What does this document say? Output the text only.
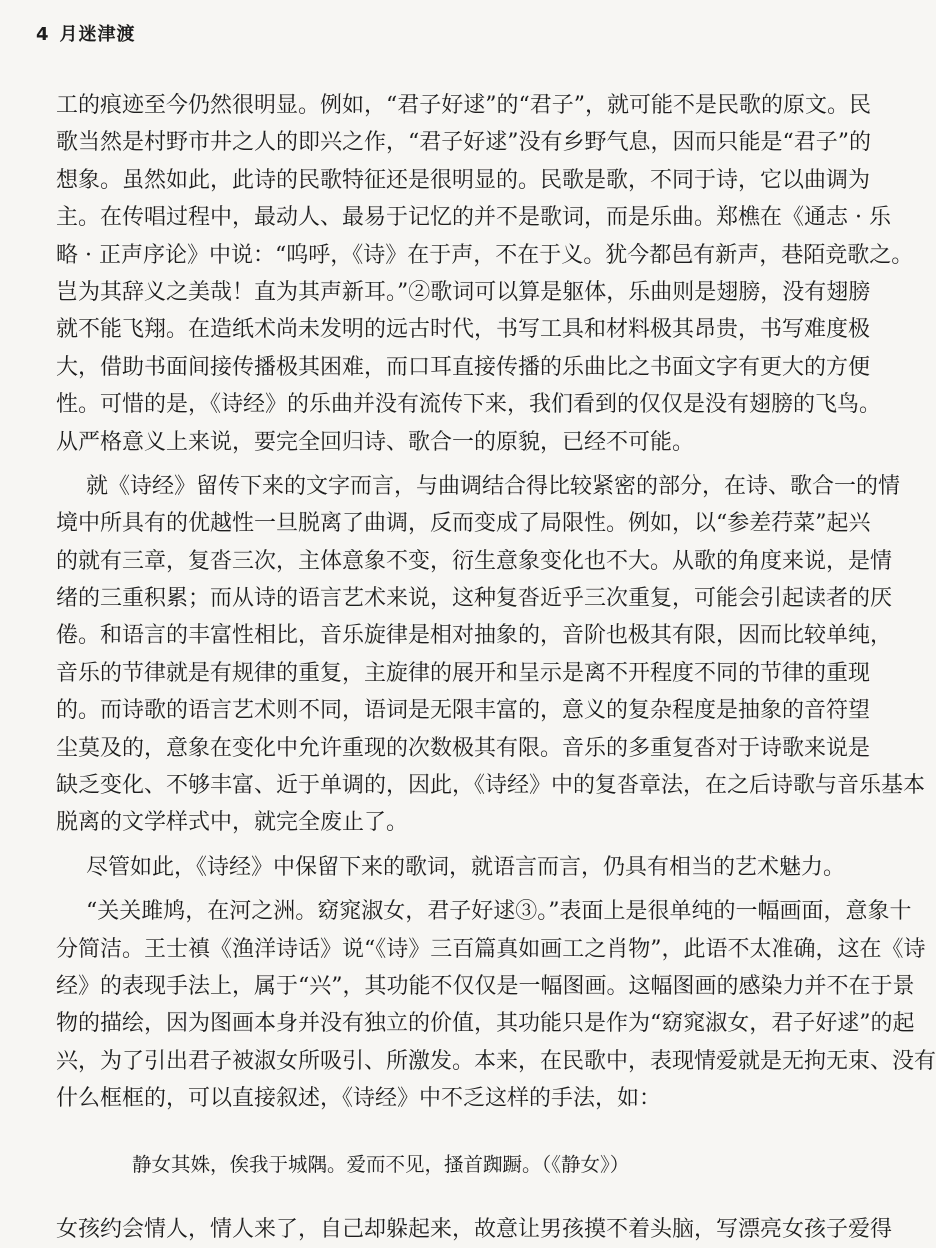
4 月迷津渡
工的痕迹至今仍然很明显。例如，“君子好逑”的“君子”，就可能不是民歌的原文。民
歌当然是村野市井之人的即兴之作，“君子好逑”没有乡野气息，因而只能是“君子”的
想象。虽然如此，此诗的民歌特征还是很明显的。民歌是歌，不同于诗，它以曲调为
主。在传唱过程中，最动人、最易于记忆的并不是歌词，而是乐曲。郑樵在《通志 · 乐
略 · 正声序论》中说：“呜呼，《诗》在于声，不在于义。犹今都邑有新声，巷陌竞歌之。
岂为其辞义之美哉！直为其声新耳。”②歌词可以算是躯体，乐曲则是翅膀，没有翅膀
就不能飞翔。在造纸术尚未发明的远古时代，书写工具和材料极其昂贵，书写难度极
大，借助书面间接传播极其困难，而口耳直接传播的乐曲比之书面文字有更大的方便
性。可惜的是，《诗经》的乐曲并没有流传下来，我们看到的仅仅是没有翅膀的飞鸟。
从严格意义上来说，要完全回归诗、歌合一的原貌，已经不可能。
就《诗经》留传下来的文字而言，与曲调结合得比较紧密的部分，在诗、歌合一的情
境中所具有的优越性一旦脱离了曲调，反而变成了局限性。例如，以“参差荇菜”起兴
的就有三章，复沓三次，主体意象不变，衍生意象变化也不大。从歌的角度来说，是情
绪的三重积累；而从诗的语言艺术来说，这种复沓近乎三次重复，可能会引起读者的厌
倦。和语言的丰富性相比，音乐旋律是相对抽象的，音阶也极其有限，因而比较单纯，
音乐的节律就是有规律的重复，主旋律的展开和呈示是离不开程度不同的节律的重现
的。而诗歌的语言艺术则不同，语词是无限丰富的，意义的复杂程度是抽象的音符望
尘莫及的，意象在变化中允许重现的次数极其有限。音乐的多重复沓对于诗歌来说是
缺乏变化、不够丰富、近于单调的，因此，《诗经》中的复沓章法，在之后诗歌与音乐基本
脱离的文学样式中，就完全废止了。
尽管如此，《诗经》中保留下来的歌词，就语言而言，仍具有相当的艺术魅力。
“关关雎鸠，在河之洲。窈窕淑女，君子好逑③。”表面上是很单纯的一幅画面，意象十
分简洁。王士禛《渔洋诗话》说“《诗》三百篇真如画工之肖物”，此语不太准确，这在《诗
经》的表现手法上，属于“兴”，其功能不仅仅是一幅图画。这幅图画的感染力并不在于景
物的描绘，因为图画本身并没有独立的价值，其功能只是作为“窈窕淑女，君子好逑”的起
兴，为了引出君子被淑女所吸引、所激发。本来，在民歌中，表现情爱就是无拘无束、没有
什么框框的，可以直接叙述，《诗经》中不乏这样的手法，如：
静女其姝，俟我于城隅。爱而不见，搔首踟蹰。（《静女》）
女孩约会情人，情人来了，自己却躲起来，故意让男孩摸不着头脑，写漂亮女孩子爱得
